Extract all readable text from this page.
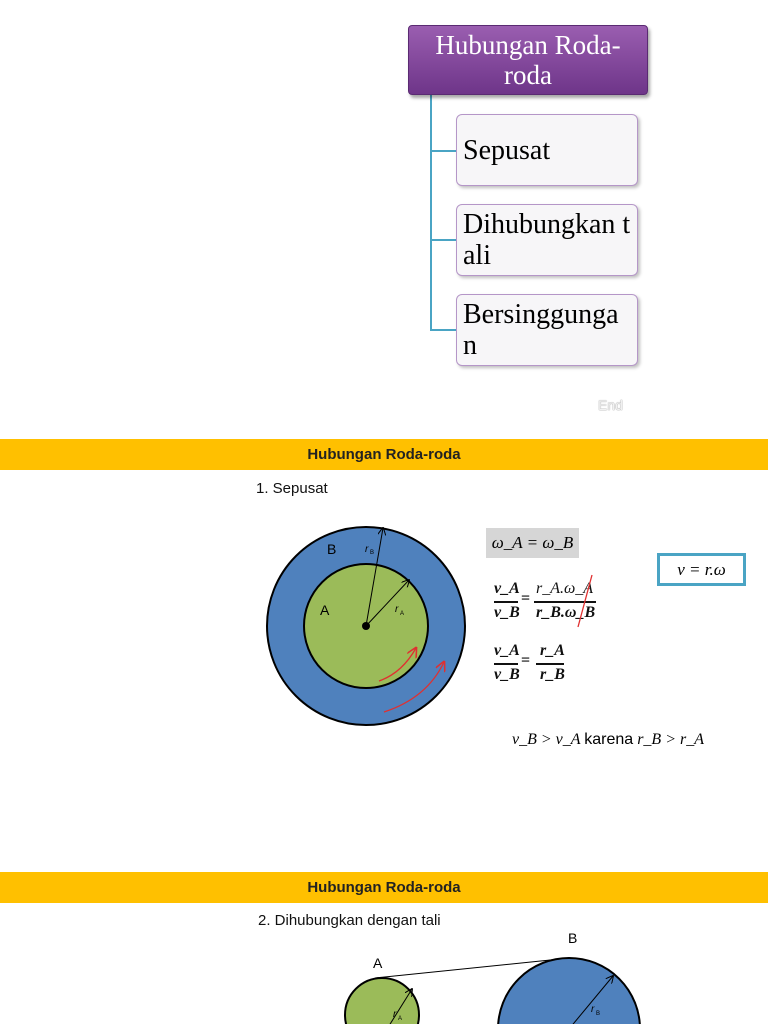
Hubungan Roda-roda
Sepusat
Dihubungkan tali
Bersinggunga n
End
Hubungan Roda-roda
1. Sepusat
B
A
r B
r A
ω_A = ω_B
v = r.ω
v_A
v_B
=
r_A.ω_A
r_B.ω_B
v_A
v_B
=
r_A
r_B
v_B > v_A karena r_B > r_A
Hubungan Roda-roda
2. Dihubungkan dengan tali
A
B
r A
r B
